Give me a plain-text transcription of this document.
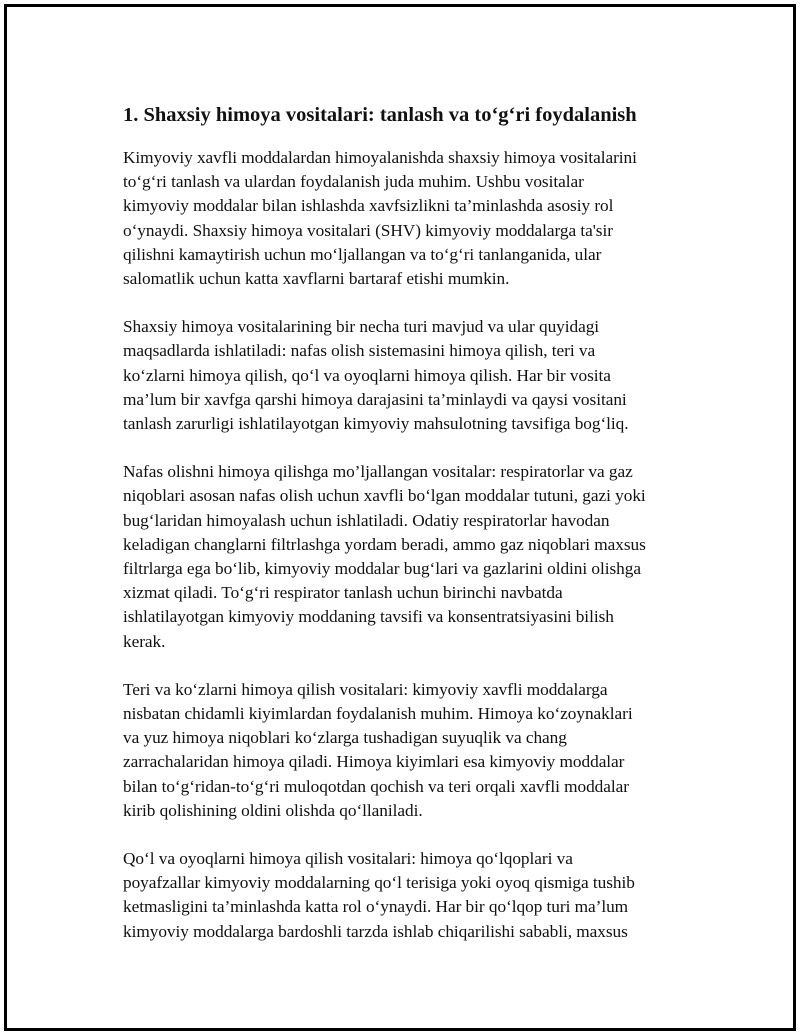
1. Shaxsiy himoya vositalari: tanlash va to‘g‘ri foydalanish

Kimyoviy xavfli moddalardan himoyalanishda shaxsiy himoya vositalarini
to‘g‘ri tanlash va ulardan foydalanish juda muhim. Ushbu vositalar
kimyoviy moddalar bilan ishlashda xavfsizlikni ta’minlashda asosiy rol
o‘ynaydi. Shaxsiy himoya vositalari (SHV) kimyoviy moddalarga ta'sir
qilishni kamaytirish uchun mo‘ljallangan va to‘g‘ri tanlanganida, ular
salomatlik uchun katta xavflarni bartaraf etishi mumkin.

Shaxsiy himoya vositalarining bir necha turi mavjud va ular quyidagi
maqsadlarda ishlatiladi: nafas olish sistemasini himoya qilish, teri va
ko‘zlarni himoya qilish, qo‘l va oyoqlarni himoya qilish. Har bir vosita
ma’lum bir xavfga qarshi himoya darajasini ta’minlaydi va qaysi vositani
tanlash zarurligi ishlatilayotgan kimyoviy mahsulotning tavsifiga bog‘liq.

Nafas olishni himoya qilishga mo’ljallangan vositalar: respiratorlar va gaz
niqoblari asosan nafas olish uchun xavfli bo‘lgan moddalar tutuni, gazi yoki
bug‘laridan himoyalash uchun ishlatiladi. Odatiy respiratorlar havodan
keladigan changlarni filtrlashga yordam beradi, ammo gaz niqoblari maxsus
filtrlarga ega bo‘lib, kimyoviy moddalar bug‘lari va gazlarini oldini olishga
xizmat qiladi. To‘g‘ri respirator tanlash uchun birinchi navbatda
ishlatilayotgan kimyoviy moddaning tavsifi va konsentratsiyasini bilish
kerak.

Teri va ko‘zlarni himoya qilish vositalari: kimyoviy xavfli moddalarga
nisbatan chidamli kiyimlardan foydalanish muhim. Himoya ko‘zoynaklari
va yuz himoya niqoblari ko‘zlarga tushadigan suyuqlik va chang
zarrachalaridan himoya qiladi. Himoya kiyimlari esa kimyoviy moddalar
bilan to‘g‘ridan-to‘g‘ri muloqotdan qochish va teri orqali xavfli moddalar
kirib qolishining oldini olishda qo‘llaniladi.

Qo‘l va oyoqlarni himoya qilish vositalari: himoya qo‘lqoplari va
poyafzallar kimyoviy moddalarning qo‘l terisiga yoki oyoq qismiga tushib
ketmasligini ta’minlashda katta rol o‘ynaydi. Har bir qo‘lqop turi ma’lum
kimyoviy moddalarga bardoshli tarzda ishlab chiqarilishi sababli, maxsus
